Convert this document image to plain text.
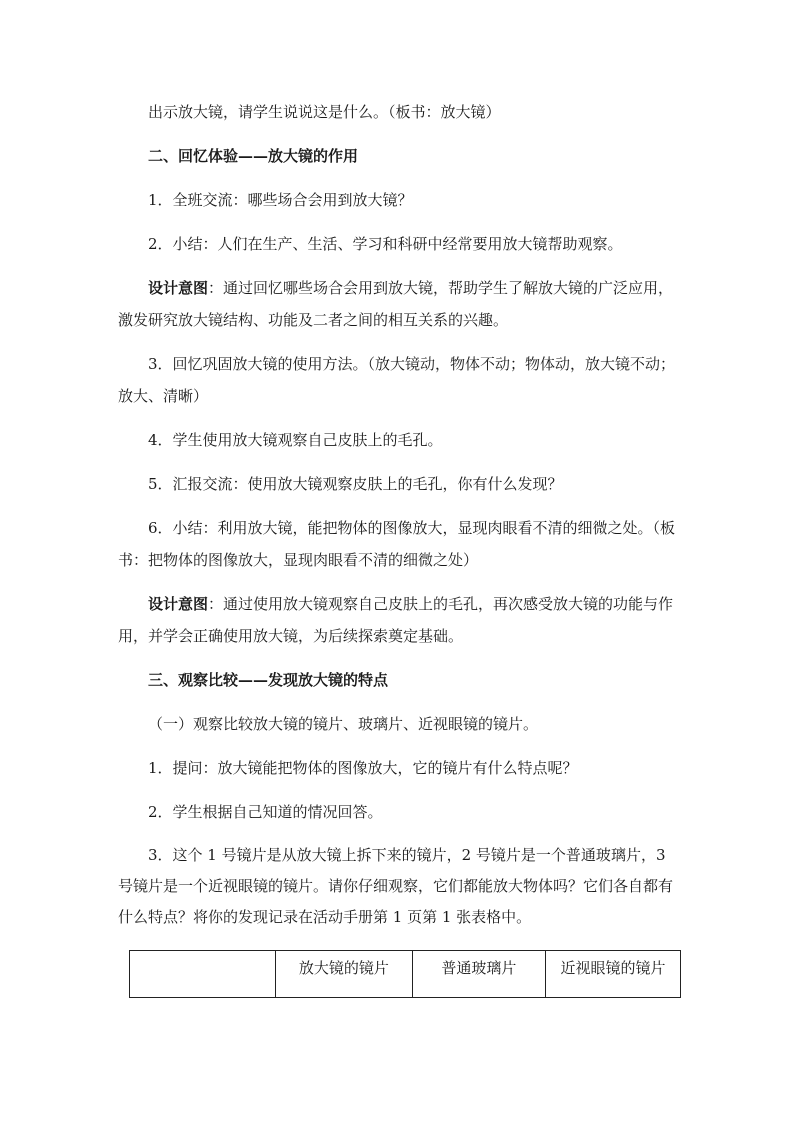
出示放大镜，请学生说说这是什么。（板书：放大镜）
二、回忆体验——放大镜的作用
1．全班交流：哪些场合会用到放大镜？
2．小结：人们在生产、生活、学习和科研中经常要用放大镜帮助观察。
设计意图：通过回忆哪些场合会用到放大镜，帮助学生了解放大镜的广泛应用，激发研究放大镜结构、功能及二者之间的相互关系的兴趣。
3．回忆巩固放大镜的使用方法。（放大镜动，物体不动；物体动，放大镜不动；放大、清晰）
4．学生使用放大镜观察自己皮肤上的毛孔。
5．汇报交流：使用放大镜观察皮肤上的毛孔，你有什么发现？
6．小结：利用放大镜，能把物体的图像放大，显现肉眼看不清的细微之处。（板书：把物体的图像放大，显现肉眼看不清的细微之处）
设计意图：通过使用放大镜观察自己皮肤上的毛孔，再次感受放大镜的功能与作用，并学会正确使用放大镜，为后续探索奠定基础。
三、观察比较——发现放大镜的特点
（一）观察比较放大镜的镜片、玻璃片、近视眼镜的镜片。
1．提问：放大镜能把物体的图像放大，它的镜片有什么特点呢？
2．学生根据自己知道的情况回答。
3．这个 1 号镜片是从放大镜上拆下来的镜片，2 号镜片是一个普通玻璃片，3 号镜片是一个近视眼镜的镜片。请你仔细观察，它们都能放大物体吗？它们各自都有什么特点？将你的发现记录在活动手册第 1 页第 1 张表格中。
	放大镜的镜片	普通玻璃片	近视眼镜的镜片
